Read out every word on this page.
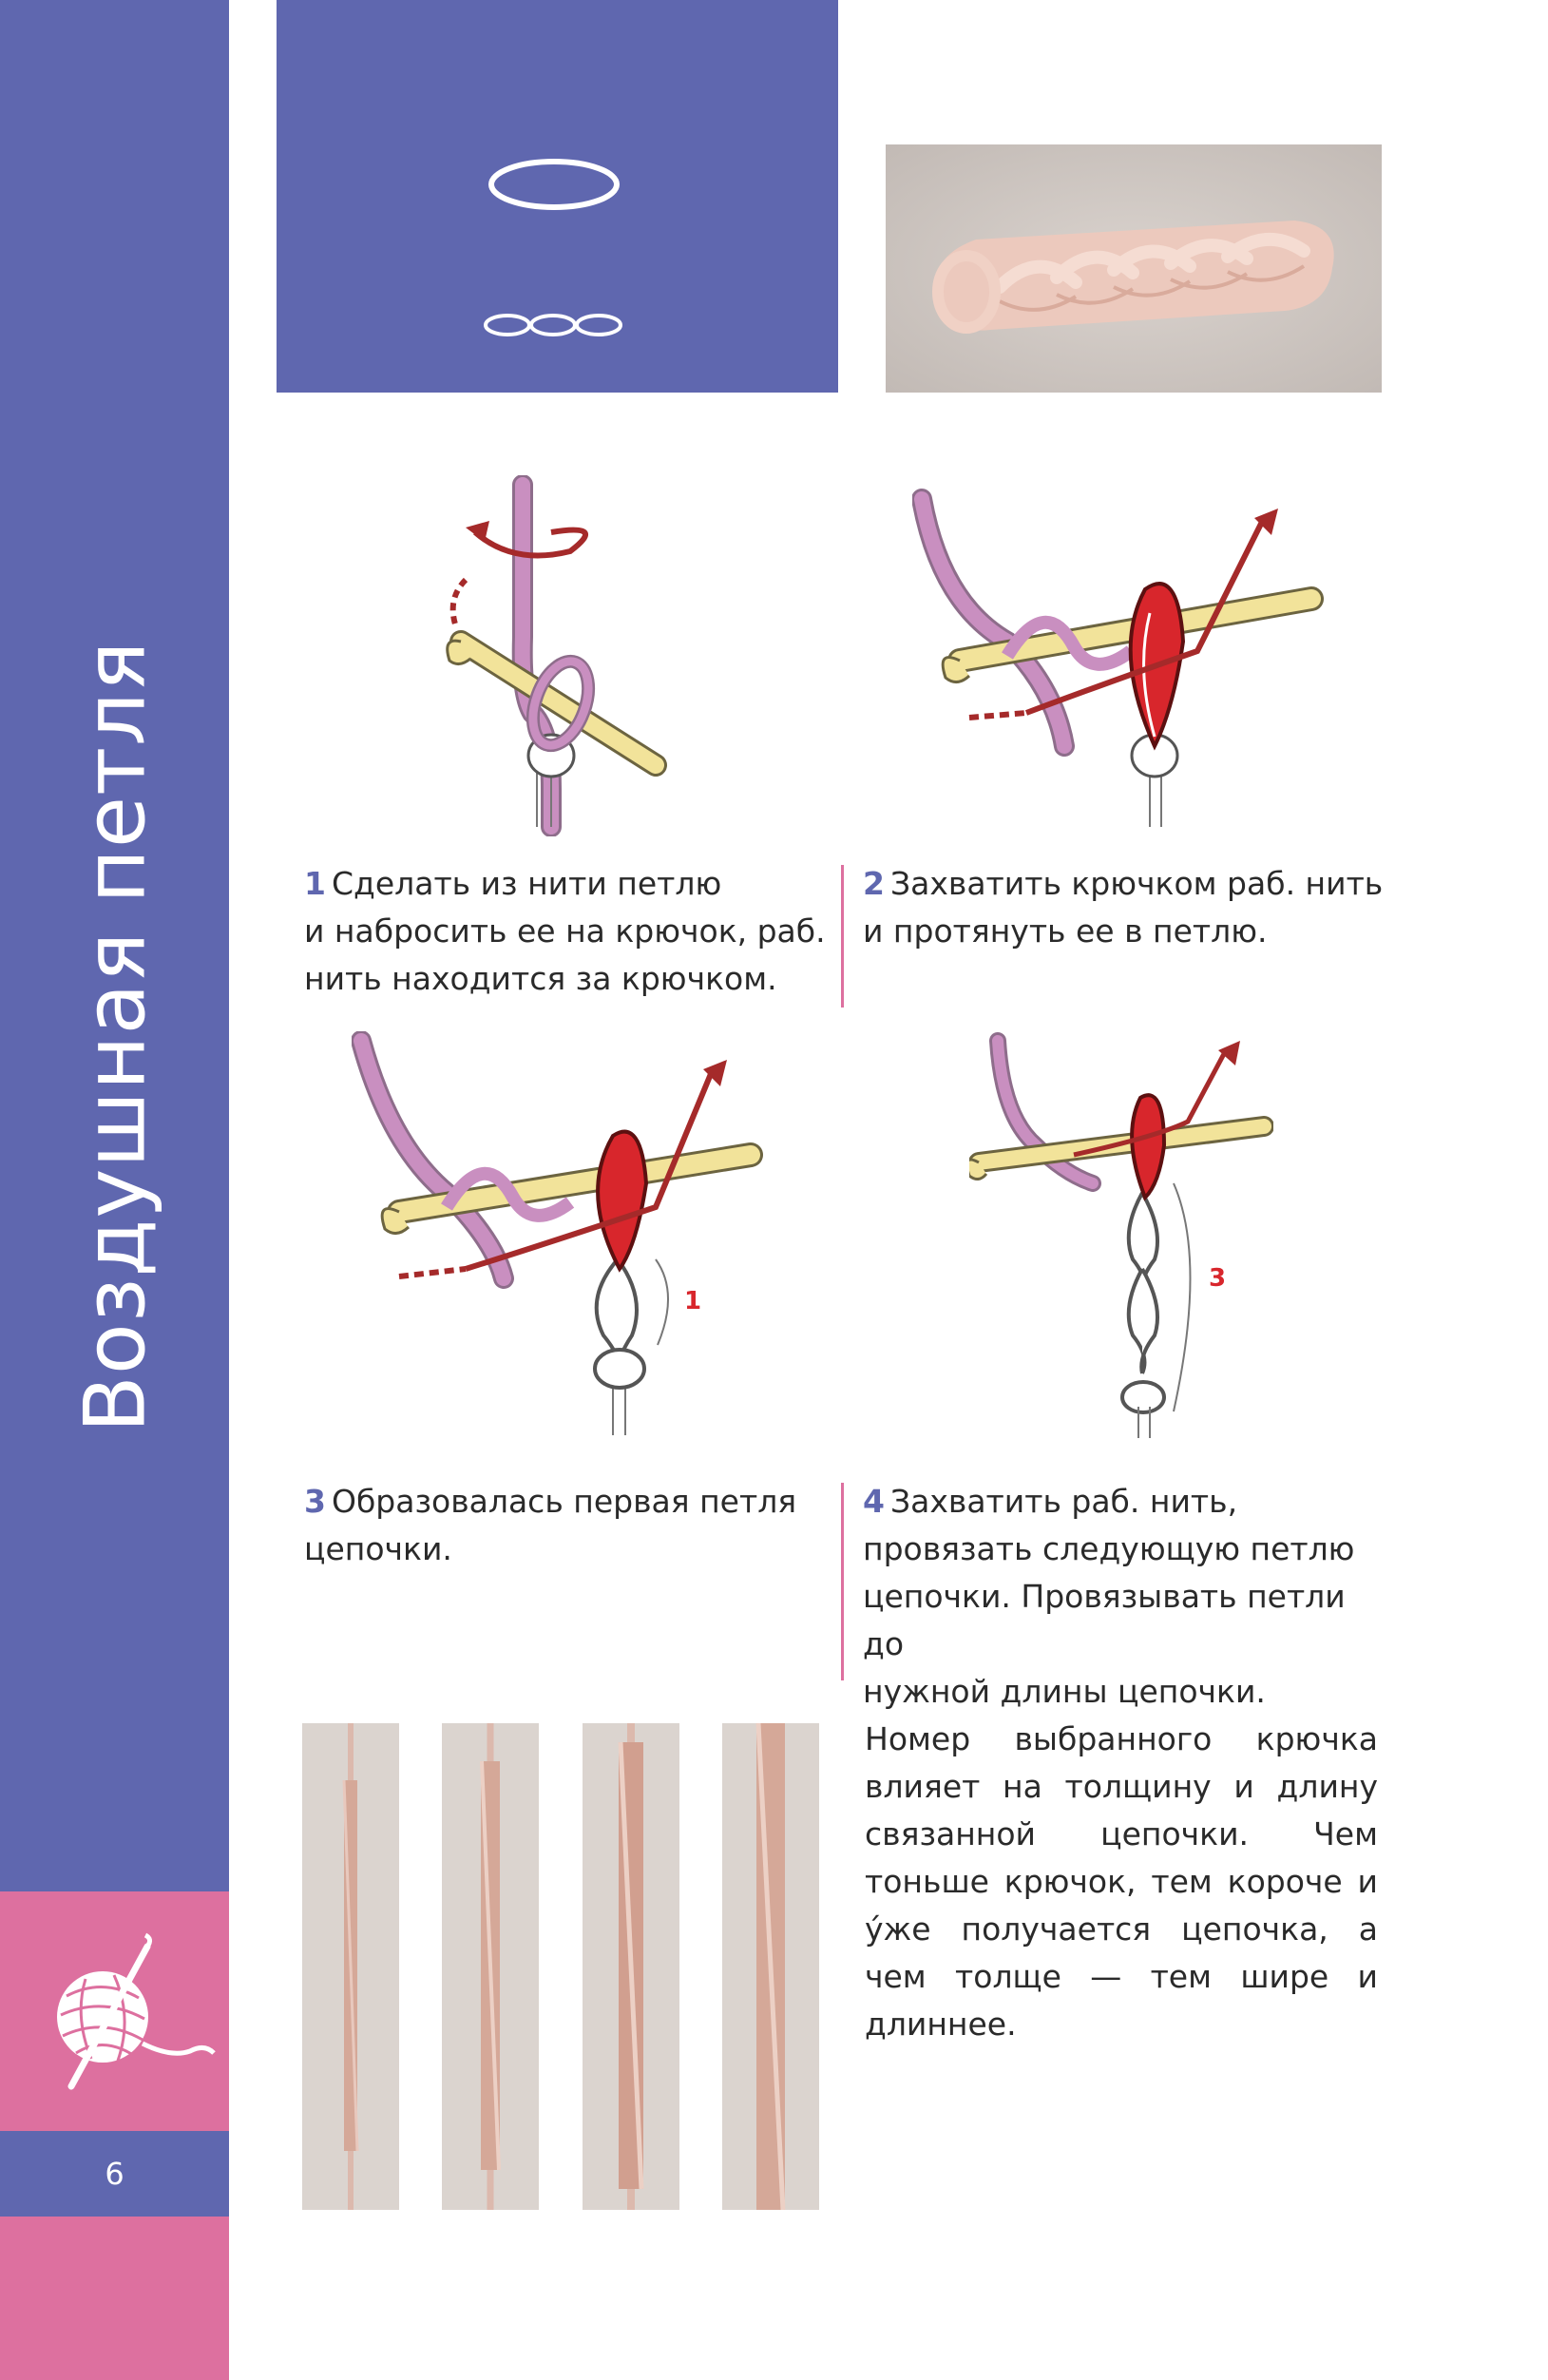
Воздушная петля
6
1 Сделать из нити петлю
и набросить ее на крючок, раб.
нить находится за крючком.
2 Захватить крючком раб. нить
и протянуть ее в петлю.
1
3
3 Образовалась первая петля
цепочки.
4 Захватить раб. нить,
провязать следующую петлю
цепочки. Провязывать петли до
нужной длины цепочки.
Номер выбранного крючка влияет на толщину и длину связанной цепочки. Чем тоньше крючок, тем короче и ýже получается цепочка, а чем толще — тем шире и длиннее.
